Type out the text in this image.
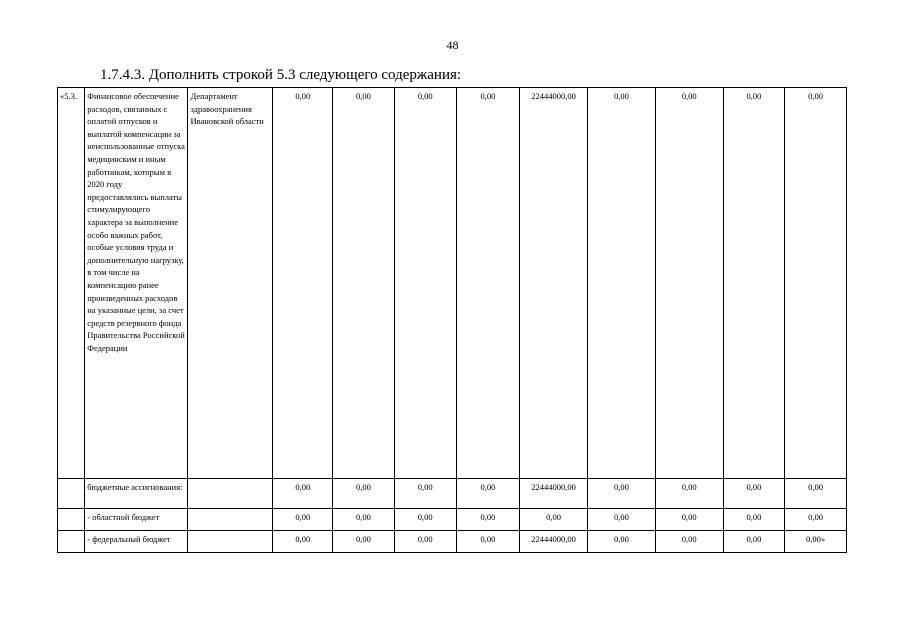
48
1.7.4.3. Дополнить строкой 5.3 следующего содержания:
«5.3.	Финансовое обеспечение расходов, связанных с оплатой отпусков и выплатой компенсации за неиспользованные отпуска медицинским и иным работникам, которым в 2020 году предоставлялись выплаты стимулирующего характера за выполнение особо важных работ, особые условия труда и дополнительную нагрузку, в том числе на компенсацию ранее произведенных расходов на указанные цели, за счет средств резервного фонда Правительства Российской Федерации	Департамент здравоохранения Ивановской области	0,00	0,00	0,00	0,00	22444000,00	0,00	0,00	0,00	0,00
	бюджетные ассигнования:		0,00	0,00	0,00	0,00	22444000,00	0,00	0,00	0,00	0,00
	- областной бюджет		0,00	0,00	0,00	0,00	0,00	0,00	0,00	0,00	0,00
	- федеральный бюджет		0,00	0,00	0,00	0,00	22444000,00	0,00	0,00	0,00	0,00»
